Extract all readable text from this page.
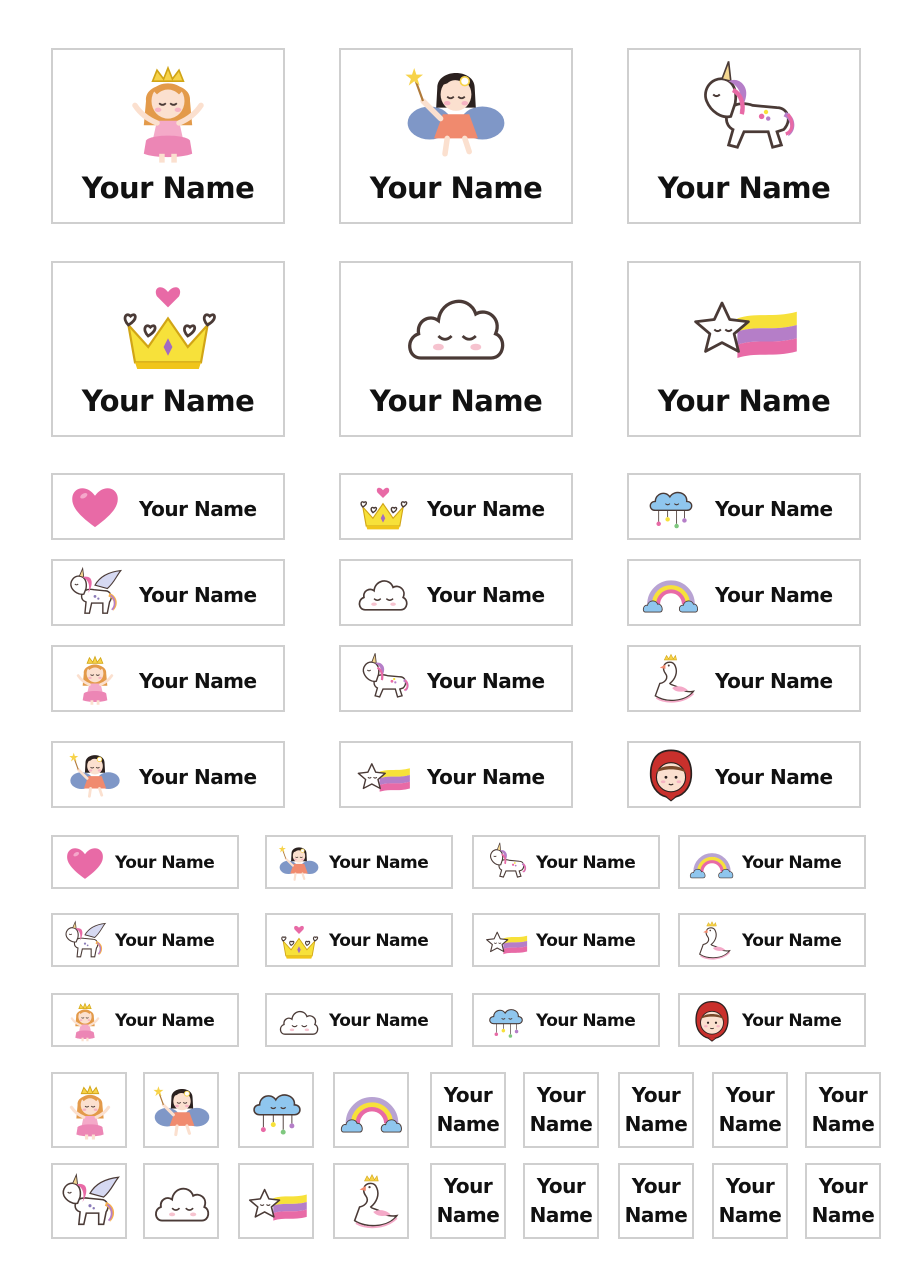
Your Name	Your Name	Your Name
Your Name	Your Name	Your Name
Your Name	Your Name	Your Name
Your Name	Your Name	Your Name
Your Name	Your Name	Your Name
Your Name	Your Name	Your Name
Your Name	Your Name	Your Name	Your Name
Your Name	Your Name	Your Name	Your Name
Your Name	Your Name	Your Name	Your Name
Your
Name
Your
Name
Your
Name
Your
Name
Your
Name
Your
Name
Your
Name
Your
Name
Your
Name
Your
Name
